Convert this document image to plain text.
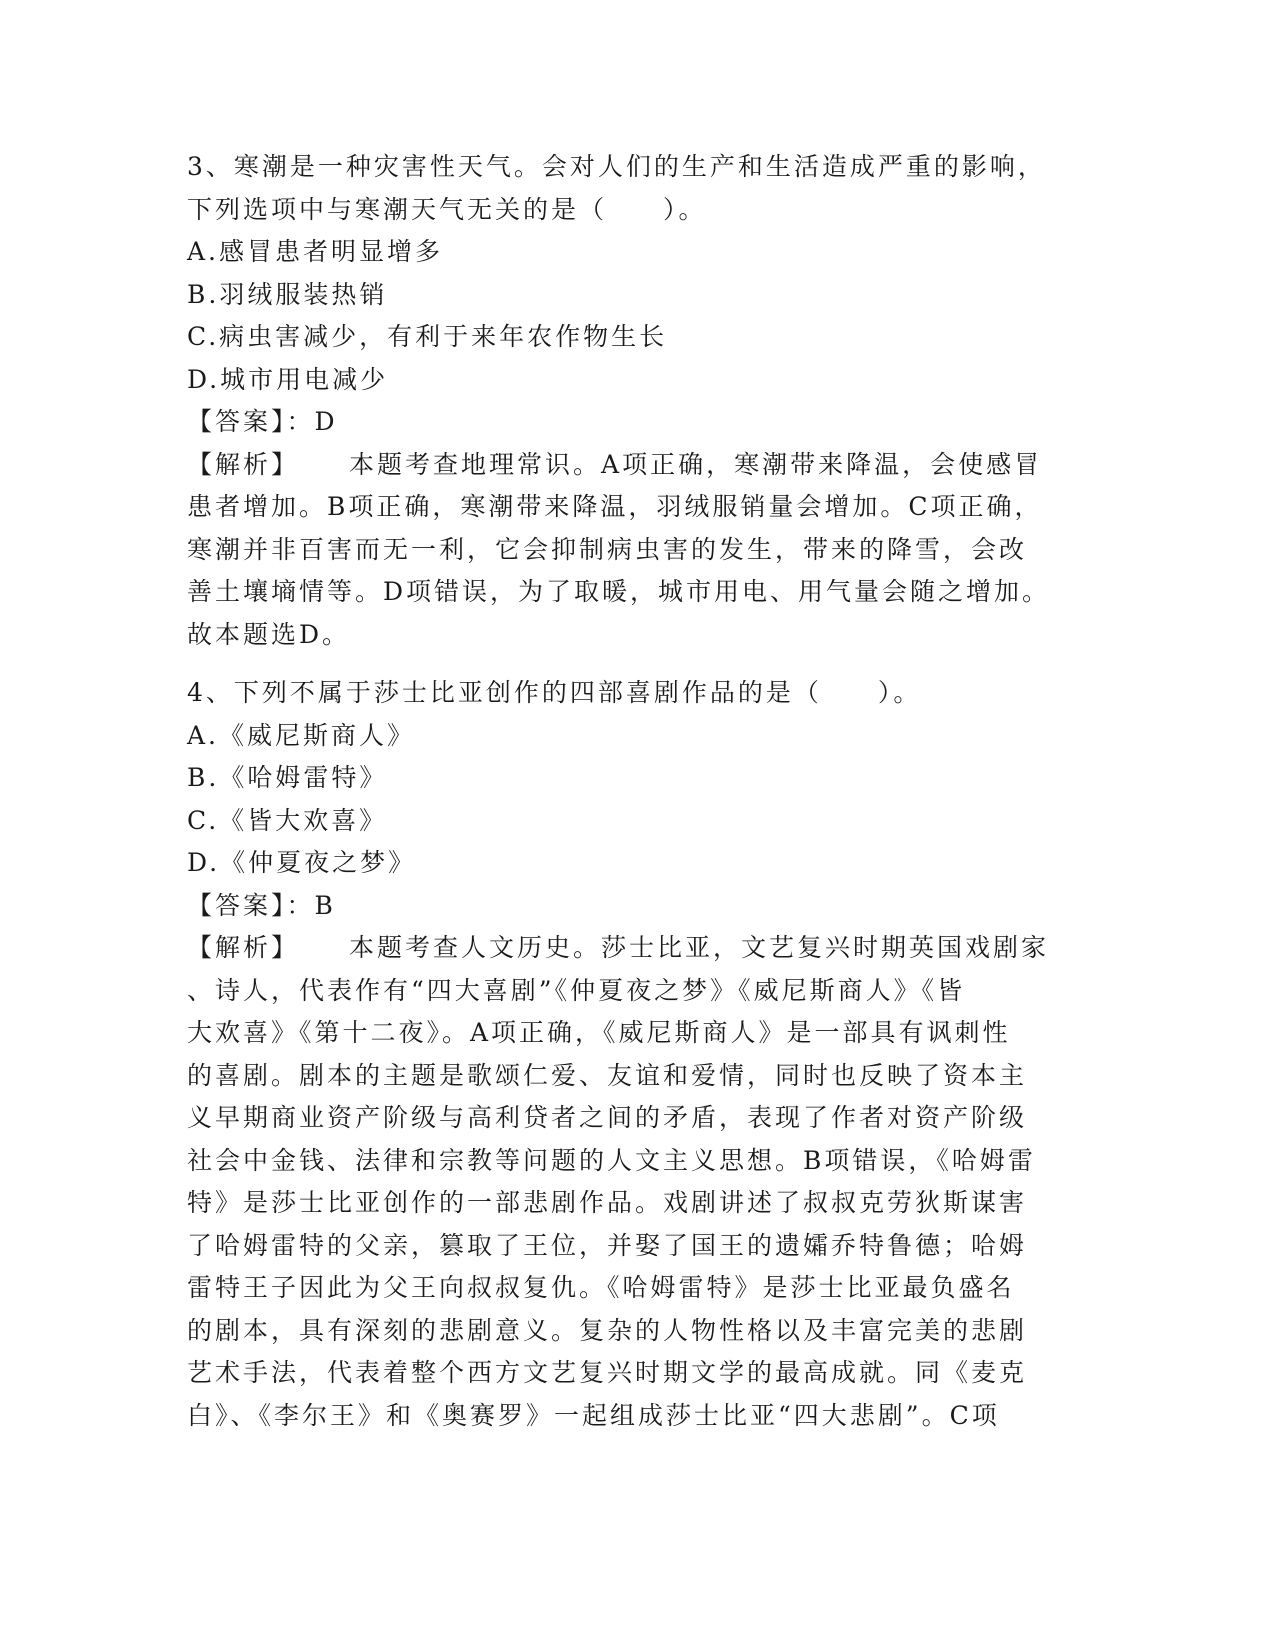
3、寒潮是一种灾害性天气。会对人们的生产和生活造成严重的影响，

下列选项中与寒潮天气无关的是（　　）。

A.感冒患者明显增多

B.羽绒服装热销

C.病虫害减少，有利于来年农作物生长

D.城市用电减少

【答案】：D

【解析】 本题考查地理常识。A项正确，寒潮带来降温，会使感冒

患者增加。B项正确，寒潮带来降温，羽绒服销量会增加。C项正确，

寒潮并非百害而无一利，它会抑制病虫害的发生，带来的降雪，会改

善土壤墒情等。D项错误，为了取暖，城市用电、用气量会随之增加。

故本题选D。

4、下列不属于莎士比亚创作的四部喜剧作品的是（　　）。

A.《威尼斯商人》

B.《哈姆雷特》

C.《皆大欢喜》

D.《仲夏夜之梦》

【答案】：B

【解析】 本题考查人文历史。莎士比亚，文艺复兴时期英国戏剧家

、诗人，代表作有“四大喜剧”《仲夏夜之梦》《威尼斯商人》《皆

大欢喜》《第十二夜》。A项正确，《威尼斯商人》是一部具有讽刺性

的喜剧。剧本的主题是歌颂仁爱、友谊和爱情，同时也反映了资本主

义早期商业资产阶级与高利贷者之间的矛盾，表现了作者对资产阶级

社会中金钱、法律和宗教等问题的人文主义思想。B项错误，《哈姆雷

特》是莎士比亚创作的一部悲剧作品。戏剧讲述了叔叔克劳狄斯谋害

了哈姆雷特的父亲，篡取了王位，并娶了国王的遗孀乔特鲁德；哈姆

雷特王子因此为父王向叔叔复仇。《哈姆雷特》是莎士比亚最负盛名

的剧本，具有深刻的悲剧意义。复杂的人物性格以及丰富完美的悲剧

艺术手法，代表着整个西方文艺复兴时期文学的最高成就。同《麦克

白》、《李尔王》和《奥赛罗》一起组成莎士比亚“四大悲剧”。C项
